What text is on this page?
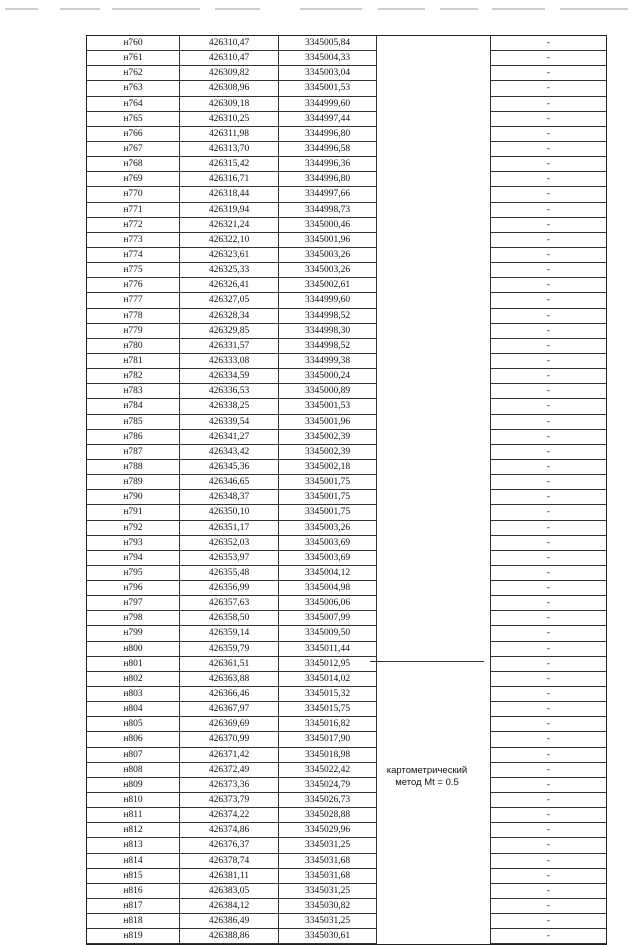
н760	426310,47	3345005,84	-
н761	426310,47	3345004,33	-
н762	426309,82	3345003,04	-
н763	426308,96	3345001,53	-
н764	426309,18	3344999,60	-
н765	426310,25	3344997,44	-
н766	426311,98	3344996,80	-
н767	426313,70	3344996,58	-
н768	426315,42	3344996,36	-
н769	426316,71	3344996,80	-
н770	426318,44	3344997,66	-
н771	426319,94	3344998,73	-
н772	426321,24	3345000,46	-
н773	426322,10	3345001,96	-
н774	426323,61	3345003,26	-
н775	426325,33	3345003,26	-
н776	426326,41	3345002,61	-
н777	426327,05	3344999,60	-
н778	426328,34	3344998,52	-
н779	426329,85	3344998,30	-
н780	426331,57	3344998,52	-
н781	426333,08	3344999,38	-
н782	426334,59	3345000,24	-
н783	426336,53	3345000,89	-
н784	426338,25	3345001,53	-
н785	426339,54	3345001,96	-
н786	426341,27	3345002,39	-
н787	426343,42	3345002,39	-
н788	426345,36	3345002,18	-
н789	426346,65	3345001,75	-
н790	426348,37	3345001,75	-
н791	426350,10	3345001,75	-
н792	426351,17	3345003,26	-
н793	426352,03	3345003,69	-
н794	426353,97	3345003,69	-
н795	426355,48	3345004,12	-
н796	426356,99	3345004,98	-
н797	426357,63	3345006,06	-
н798	426358,50	3345007,99	-
н799	426359,14	3345009,50	-
н800	426359,79	3345011,44	-
н801	426361,51	3345012,95	-
н802	426363,88	3345014,02	-
н803	426366,46	3345015,32	-
н804	426367,97	3345015,75	-
н805	426369,69	3345016,82	-
н806	426370,99	3345017,90	-
н807	426371,42	3345018,98	-
н808	426372,49	3345022,42	-
н809	426373,36	3345024,79	-
н810	426373,79	3345026,73	-
н811	426374,22	3345028,88	-
н812	426374,86	3345029,96	-
н813	426376,37	3345031,25	-
н814	426378,74	3345031,68	-
н815	426381,11	3345031,68	-
н816	426383,05	3345031,25	-
н817	426384,12	3345030,82	-
н818	426386,49	3345031,25	-
н819	426388,86	3345030,61	-
картометрический
метод Mt = 0.5
